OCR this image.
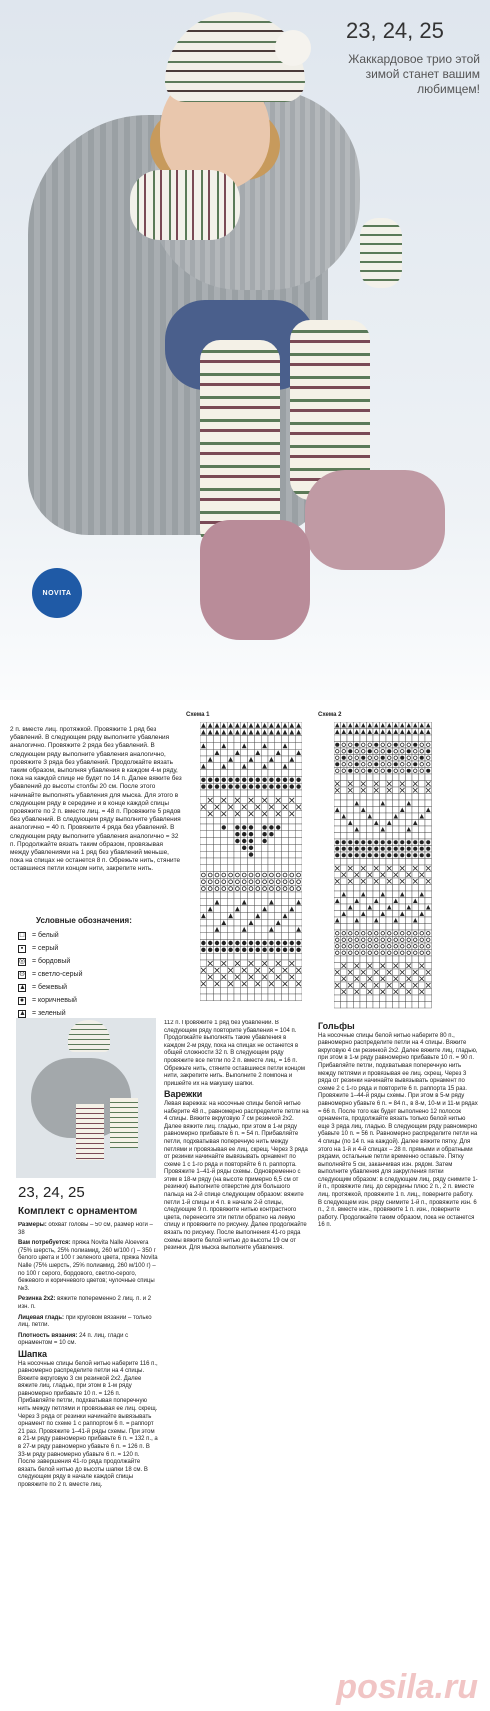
NOVITA
23, 24, 25
Жаккардовое трио этой зимой станет вашим любимцем!
2 п. вместе лиц. протяжкой. Провяжите 1 ряд без убавлений. В следующем ряду выполните убавления аналогично. Провяжите 2 ряда без убавлений. В следующем ряду выполните убавления аналогично, провяжите 3 ряда без убавлений. Продолжайте вязать таким образом, выполняя убавления в каждом 4-м ряду, пока на каждой спице не будет по 14 п. Далее вяжите без убавлений до высоты столбы 20 см. После этого начинайте выполнять убавления для мыска. Для этого в следующем ряду в середине и в конце каждой спицы провяжите по 2 п. вместе лиц. = 48 п. Провяжите 5 рядов без убавлений. В следующем ряду выполните убавления аналогично = 40 п. Провяжите 4 ряда без убавлений. В следующем ряду выполните убавления аналогично = 32 п. Продолжайте вязать таким образом, провязывая между убавлениями на 1 ряд без убавлений меньше, пока на спицах не останется 8 п. Обрежьте нить, стяните оставшиеся петли концом нити, закрепите нить.
Условные обозначения:
□ = белый
▪	= серый
◎ = бордовый
⊙ = светло-серый
▲ = бежевый
● = коричневый
▲ = зеленый
Схема 1	Схема 2
23, 24, 25
Комплект с орнаментом
Размеры: обхват головы – 50 см, размер ноги – 38
Вам потребуется: пряжа Novita Nalle Aloevera (75% шерсть, 25% полиамид, 260 м/100 г) – 350 г белого цвета и 100 г зеленого цвета, пряжа Novita Nalle (75% шерсть, 25% полиамид, 260 м/100 г) – по 100 г серого, бордового, светло-серого, бежевого и коричневого цветов; чулочные спицы №3.
Резинка 2x2: вяжите попеременно 2 лиц. п. и 2 изн. п.
Лицевая гладь: при круговом вязании – только лиц. петли.
Плотность вязания: 24 п. лиц. глади с орнаментом = 10 см.
Шапка
На носочные спицы белой нитью наберите 116 п., равномерно распределите петли на 4 спицы. Вяжите вкруговую 3 см резинкой 2x2. Далее вяжите лиц. гладью, при этом в 1-м ряду равномерно прибавьте 10 п. = 126 п. Прибавляйте петли, подхватывая поперечную нить между петлями и провязывая ее лиц. скрещ. Через 3 ряда от резинки начинайте вывязывать орнамент по схеме 1 с раппортом 6 п. = раппорт 21 раз. Провяжите 1–41-й ряды схемы. При этом в 21-м ряду равномерно прибавьте 6 п. = 132 п., а в 27-м ряду равномерно убавьте 6 п. = 126 п. В 33-м ряду равномерно убавьте 6 п. = 120 п. После завершения 41-го ряда продолжайте вязать белой нитью до высоты шапки 18 см. В следующем ряду в начале каждой спицы провяжите по 2 п. вместе лиц.
112 п. Провяжите 1 ряд без убавлений. В следующем ряду повторите убавления = 104 п. Продолжайте выполнять такие убавления в каждом 2-м ряду, пока на спицах не останется в общей сложности 32 п. В следующем ряду провяжите все петли по 2 п. вместе лиц. = 16 п. Обрежьте нить, стяните оставшиеся петли концом нити, закрепите нить. Выполните 2 помпона и пришейте их на макушку шапки.
Варежки
Левая варежка: на носочные спицы белой нитью наберите 48 п., равномерно распределите петли на 4 спицы. Вяжите вкруговую 7 см резинкой 2x2. Далее вяжите лиц. гладью, при этом в 1-м ряду равномерно прибавьте 6 п. = 54 п. Прибавляйте петли, подхватывая поперечную нить между петлями и провязывая ее лиц. скрещ. Через 3 ряда от резинки начинайте вывязывать орнамент по схеме 1 с 1-го ряда и повторяйте 6 п. раппорта. Провяжите 1–41-й ряды схемы. Одновременно с этим в 18-м ряду (на высоте примерно 6,5 см от резинки) выполните отверстие для большого пальца на 2-й спице следующим образом: вяжите петли 1-й спицы и 4 п. в начале 2-й спицы, следующие 9 п. провяжите нитью контрастного цвета, перенесите эти петли обратно на левую спицу и провяжите по рисунку. Далее продолжайте вязать по рисунку. После выполнения 41-го ряда схемы вяжите белой нитью до высоты 19 см от резинки. Для мыска выполните убавления.
Гольфы
На носочные спицы белой нитью наберите 80 п., равномерно распределите петли на 4 спицы. Вяжите вкруговую 4 см резинкой 2x2. Далее вяжите лиц. гладью, при этом в 1-м ряду равномерно прибавьте 10 п. = 90 п. Прибавляйте петли, подхватывая поперечную нить между петлями и провязывая ее лиц. скрещ. Через 3 ряда от резинки начинайте вывязывать орнамент по схеме 2 с 1-го ряда и повторите 6 п. раппорта 15 раз. Провяжите 1–44-й ряды схемы. При этом в 5-м ряду равномерно убавьте 6 п. = 84 п., в 8-м, 10-м и 11-м рядах = 66 п. После того как будет выполнено 12 полосок орнамента, продолжайте вязать только белой нитью еще 3 ряда лиц. гладью. В следующем ряду равномерно убавьте 10 п. = 56 п. Равномерно распределите петли на 4 спицы (по 14 п. на каждой). Далее вяжите пятку. Для этого на 1-й и 4-й спицах – 28 п. прямыми и обратными рядами, остальные петли временно оставьте. Пятку выполняйте 5 см, заканчивая изн. рядом. Затем выполните убавления для закругления пятки следующим образом: в следующем лиц. ряду снимите 1-й п., провяжите лиц. до середины плюс 2 п., 2 п. вместе лиц. протяжкой, провяжите 1 п. лиц., поверните работу. В следующем изн. ряду снимите 1-й п., провяжите изн. 6 п., 2 п. вместе изн., провяжите 1 п. изн., поверните работу. Продолжайте таким образом, пока не останется 16 п.
posila.ru
